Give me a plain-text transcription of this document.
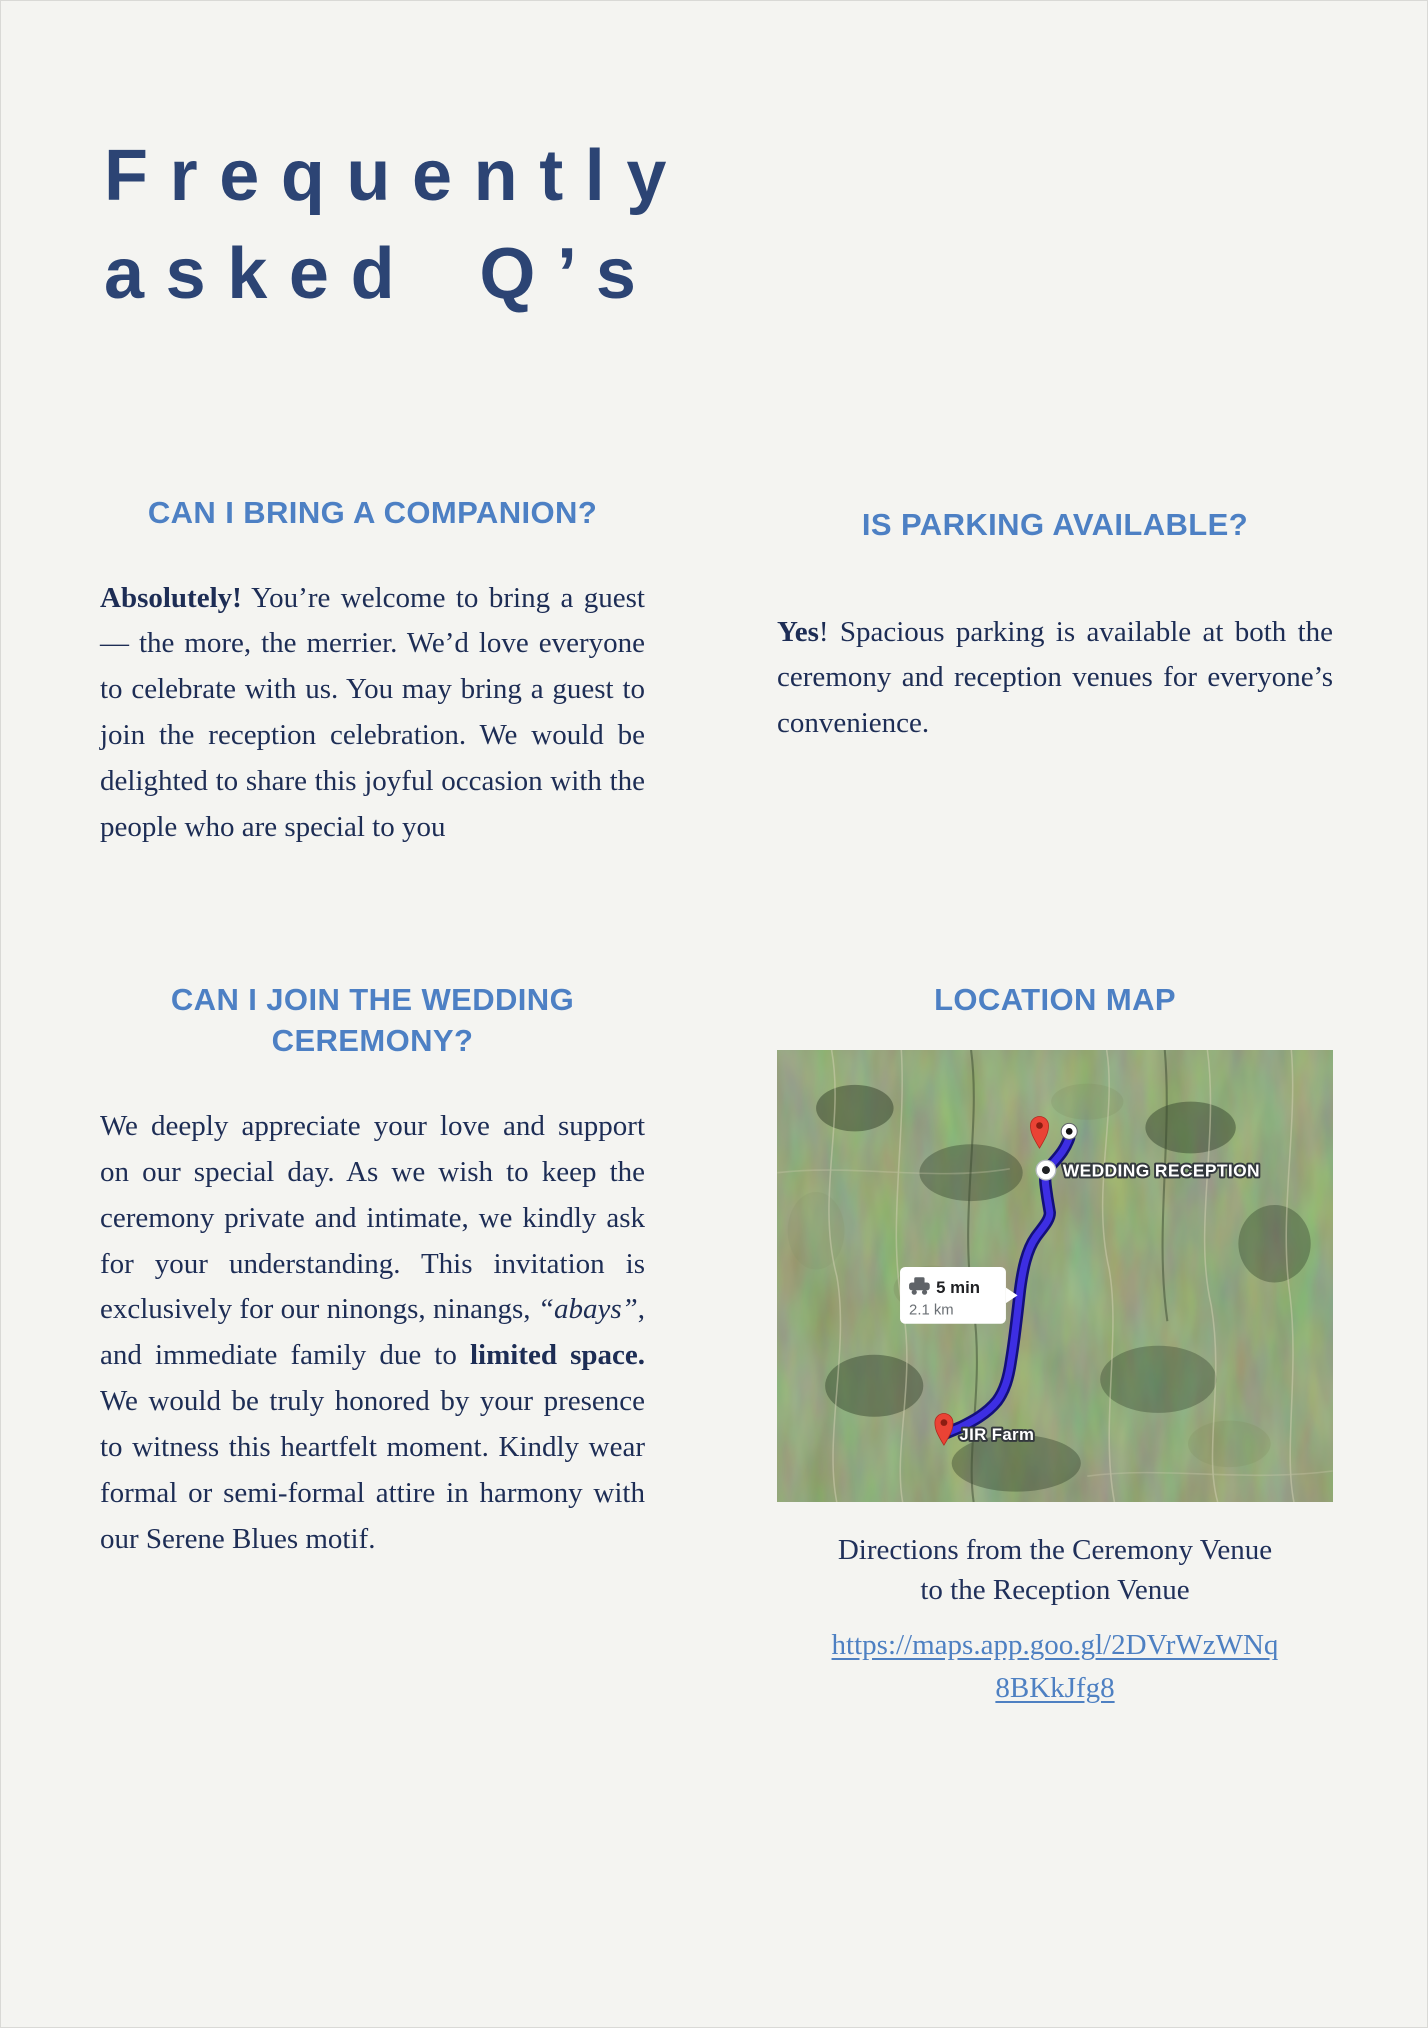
Frequently
asked Q’s
CAN I BRING A COMPANION?

Absolutely! You’re welcome to bring a guest — the more, the merrier. We’d love everyone to celebrate with us. You may bring a guest to join the reception celebration. We would be delighted to share this joyful occasion with the people who are special to you

IS PARKING AVAILABLE?

Yes! Spacious parking is available at both the ceremony and reception venues for everyone’s convenience.

CAN I JOIN THE WEDDING CEREMONY?

We deeply appreciate your love and support on our special day. As we wish to keep the ceremony private and intimate, we kindly ask for your understanding. This invitation is exclusively for our ninongs, ninangs, “abays”, and immediate family due to limited space. We would be truly honored by your presence to witness this heartfelt moment. Kindly wear formal or semi-formal attire in harmony with our Serene Blues motif.

LOCATION MAP
WEDDING RECEPTION
5 min
2.1 km
JIR Farm

Directions from the Ceremony Venue
to the Reception Venue

https://maps.app.goo.gl/2DVrWzWNq
8BKkJfg8
